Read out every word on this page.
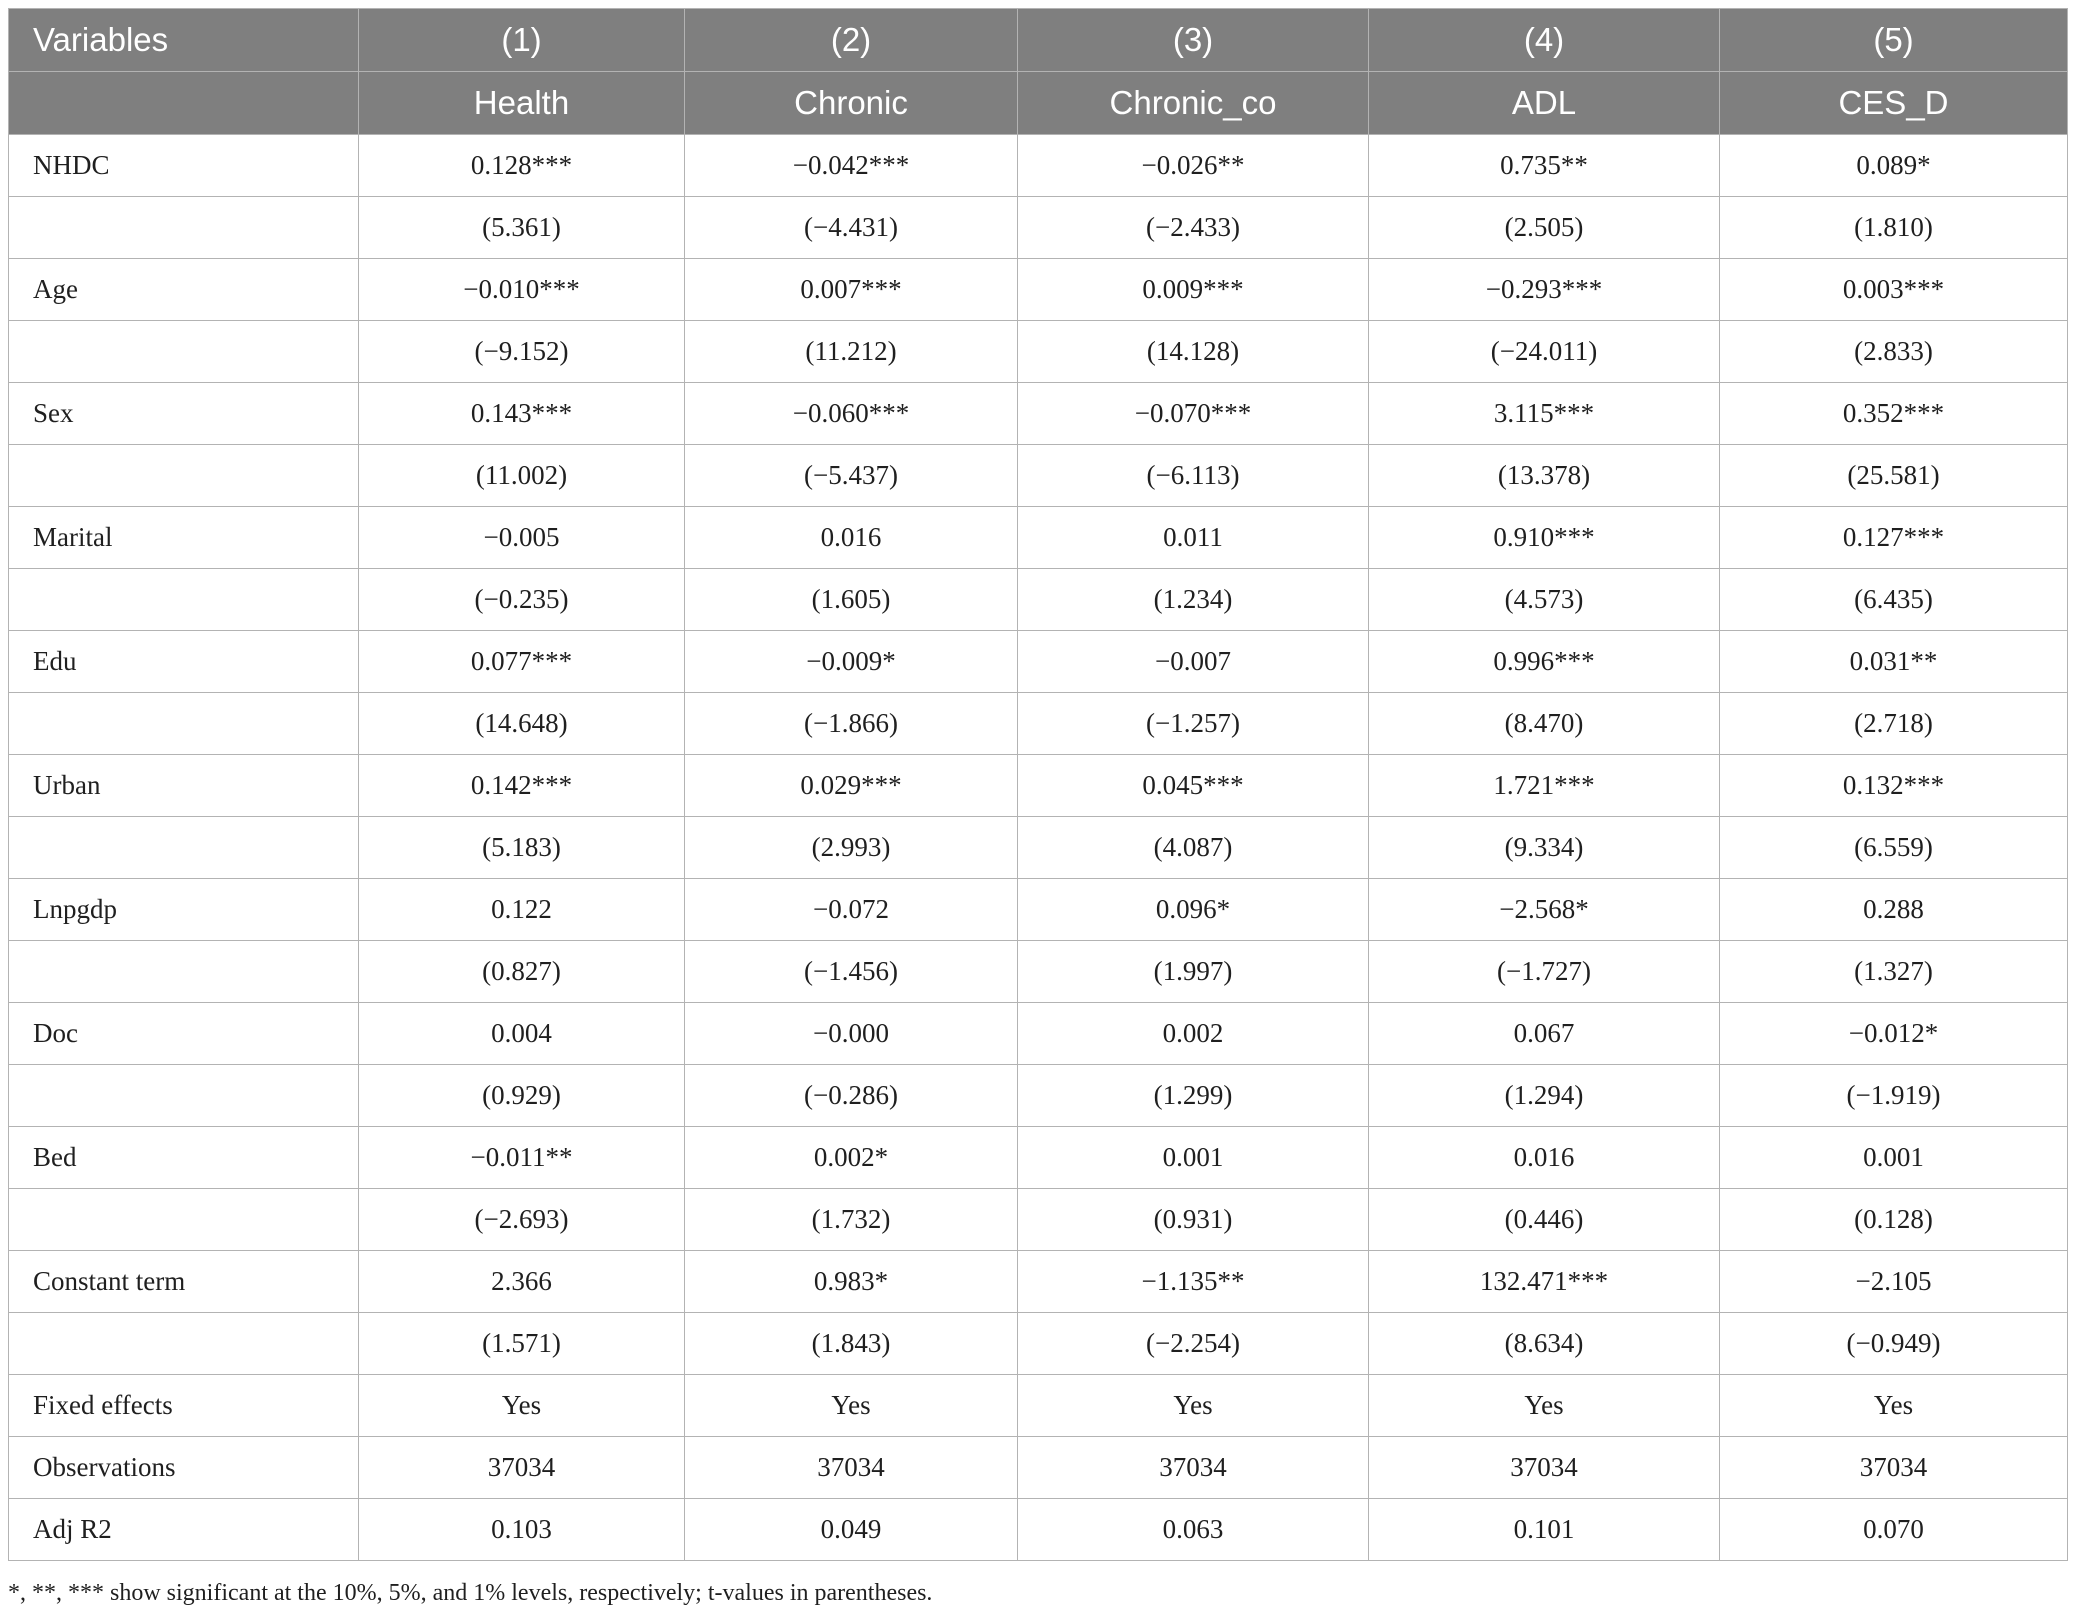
Variables	(1)	(2)	(3)	(4)	(5)
	Health	Chronic	Chronic_co	ADL	CES_D
NHDC	0.128***	−0.042***	−0.026**	0.735**	0.089*
	(5.361)	(−4.431)	(−2.433)	(2.505)	(1.810)
Age	−0.010***	0.007***	0.009***	−0.293***	0.003***
	(−9.152)	(11.212)	(14.128)	(−24.011)	(2.833)
Sex	0.143***	−0.060***	−0.070***	3.115***	0.352***
	(11.002)	(−5.437)	(−6.113)	(13.378)	(25.581)
Marital	−0.005	0.016	0.011	0.910***	0.127***
	(−0.235)	(1.605)	(1.234)	(4.573)	(6.435)
Edu	0.077***	−0.009*	−0.007	0.996***	0.031**
	(14.648)	(−1.866)	(−1.257)	(8.470)	(2.718)
Urban	0.142***	0.029***	0.045***	1.721***	0.132***
	(5.183)	(2.993)	(4.087)	(9.334)	(6.559)
Lnpgdp	0.122	−0.072	0.096*	−2.568*	0.288
	(0.827)	(−1.456)	(1.997)	(−1.727)	(1.327)
Doc	0.004	−0.000	0.002	0.067	−0.012*
	(0.929)	(−0.286)	(1.299)	(1.294)	(−1.919)
Bed	−0.011**	0.002*	0.001	0.016	0.001
	(−2.693)	(1.732)	(0.931)	(0.446)	(0.128)
Constant term	2.366	0.983*	−1.135**	132.471***	−2.105
	(1.571)	(1.843)	(−2.254)	(8.634)	(−0.949)
Fixed effects	Yes	Yes	Yes	Yes	Yes
Observations	37034	37034	37034	37034	37034
Adj R2	0.103	0.049	0.063	0.101	0.070
*, **, *** show significant at the 10%, 5%, and 1% levels, respectively; t-values in parentheses.
